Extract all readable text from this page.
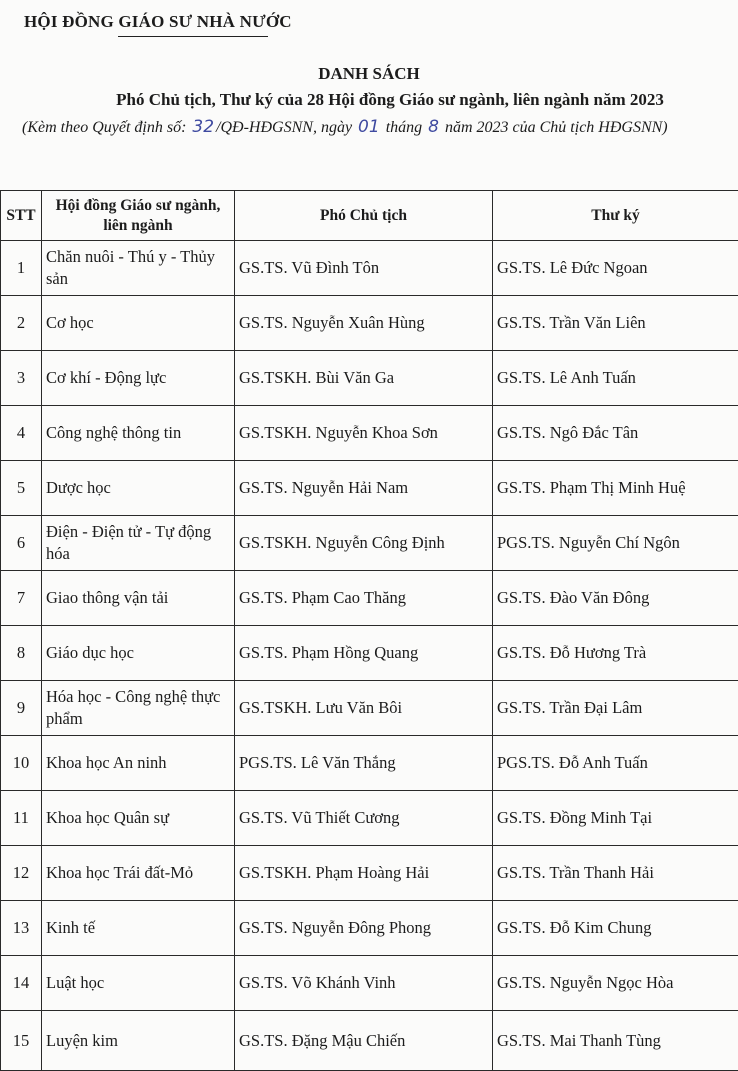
HỘI ĐỒNG GIÁO SƯ NHÀ NƯỚC
DANH SÁCH
Phó Chủ tịch, Thư ký của 28 Hội đồng Giáo sư ngành, liên ngành năm 2023
(Kèm theo Quyết định số: 32 /QĐ-HĐGSNN, ngày 01 tháng 8 năm 2023 của Chủ tịch HĐGSNN)
STT	Hội đồng Giáo sư ngành, liên ngành	Phó Chủ tịch	Thư ký
1	Chăn nuôi - Thú y - Thủy sản	GS.TS. Vũ Đình Tôn	GS.TS. Lê Đức Ngoan
2	Cơ học	GS.TS. Nguyễn Xuân Hùng	GS.TS. Trần Văn Liên
3	Cơ khí - Động lực	GS.TSKH. Bùi Văn Ga	GS.TS. Lê Anh Tuấn
4	Công nghệ thông tin	GS.TSKH. Nguyễn Khoa Sơn	GS.TS. Ngô Đắc Tân
5	Dược học	GS.TS. Nguyễn Hải Nam	GS.TS. Phạm Thị Minh Huệ
6	Điện - Điện tử - Tự động hóa	GS.TSKH. Nguyễn Công Định	PGS.TS. Nguyễn Chí Ngôn
7	Giao thông vận tải	GS.TS. Phạm Cao Thăng	GS.TS. Đào Văn Đông
8	Giáo dục học	GS.TS. Phạm Hồng Quang	GS.TS. Đỗ Hương Trà
9	Hóa học - Công nghệ thực phẩm	GS.TSKH. Lưu Văn Bôi	GS.TS. Trần Đại Lâm
10	Khoa học An ninh	PGS.TS. Lê Văn Thắng	PGS.TS. Đỗ Anh Tuấn
11	Khoa học Quân sự	GS.TS. Vũ Thiết Cương	GS.TS. Đồng Minh Tại
12	Khoa học Trái đất-Mỏ	GS.TSKH. Phạm Hoàng Hải	GS.TS. Trần Thanh Hải
13	Kinh tế	GS.TS. Nguyễn Đông Phong	GS.TS. Đỗ Kim Chung
14	Luật học	GS.TS. Võ Khánh Vinh	GS.TS. Nguyễn Ngọc Hòa
15	Luyện kim	GS.TS. Đặng Mậu Chiến	GS.TS. Mai Thanh Tùng
